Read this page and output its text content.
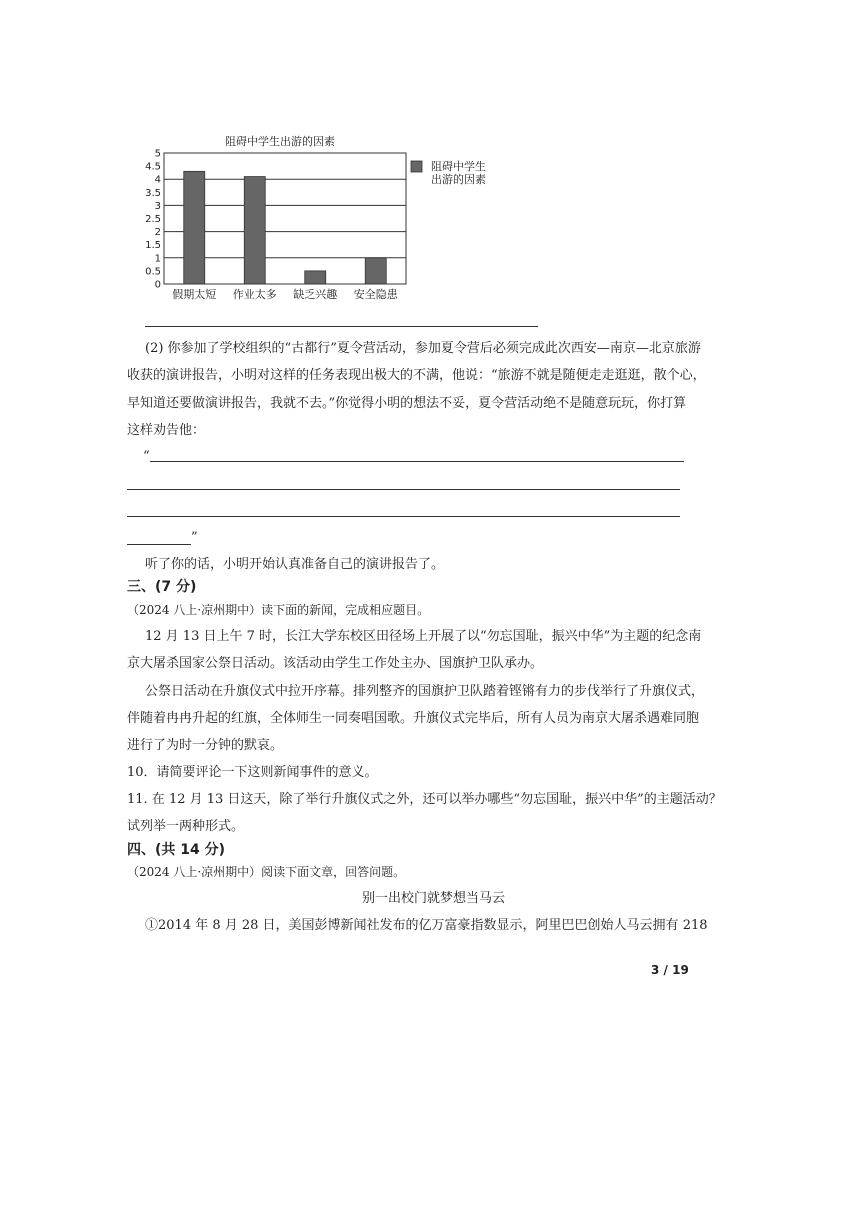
阻碍中学生出游的因素
0
0.5
1
1.5
2
2.5
3
3.5
4
4.5
5
假期太短 作业太多 缺乏兴趣 安全隐患
阻碍中学生
出游的因素
(2) 你参加了学校组织的“古都行”夏令营活动，参加夏令营后必须完成此次西安—南京—北京旅游
收获的演讲报告，小明对这样的任务表现出极大的不满，他说：“旅游不就是随便走走逛逛，散个心，
早知道还要做演讲报告，我就不去。”你觉得小明的想法不妥，夏令营活动绝不是随意玩玩，你打算
这样劝告他：
“
”
听了你的话，小明开始认真准备自己的演讲报告了。
三、(7 分)
（2024 八上·凉州期中）读下面的新闻，完成相应题目。
12 月 13 日上午 7 时，长江大学东校区田径场上开展了以“勿忘国耻，振兴中华”为主题的纪念南
京大屠杀国家公祭日活动。该活动由学生工作处主办、国旗护卫队承办。
公祭日活动在升旗仪式中拉开序幕。排列整齐的国旗护卫队踏着铿锵有力的步伐举行了升旗仪式，
伴随着冉冉升起的红旗，全体师生一同奏唱国歌。升旗仪式完毕后，所有人员为南京大屠杀遇难同胞
进行了为时一分钟的默哀。
10．请简要评论一下这则新闻事件的意义。
11. 在 12 月 13 日这天，除了举行升旗仪式之外，还可以举办哪些“勿忘国耻，振兴中华”的主题活动？
试列举一两种形式。
四、(共 14 分)
（2024 八上·凉州期中）阅读下面文章，回答问题。
别一出校门就梦想当马云
①2014 年 8 月 28 日，美国彭博新闻社发布的亿万富豪指数显示，阿里巴巴创始人马云拥有 218
3 / 19
